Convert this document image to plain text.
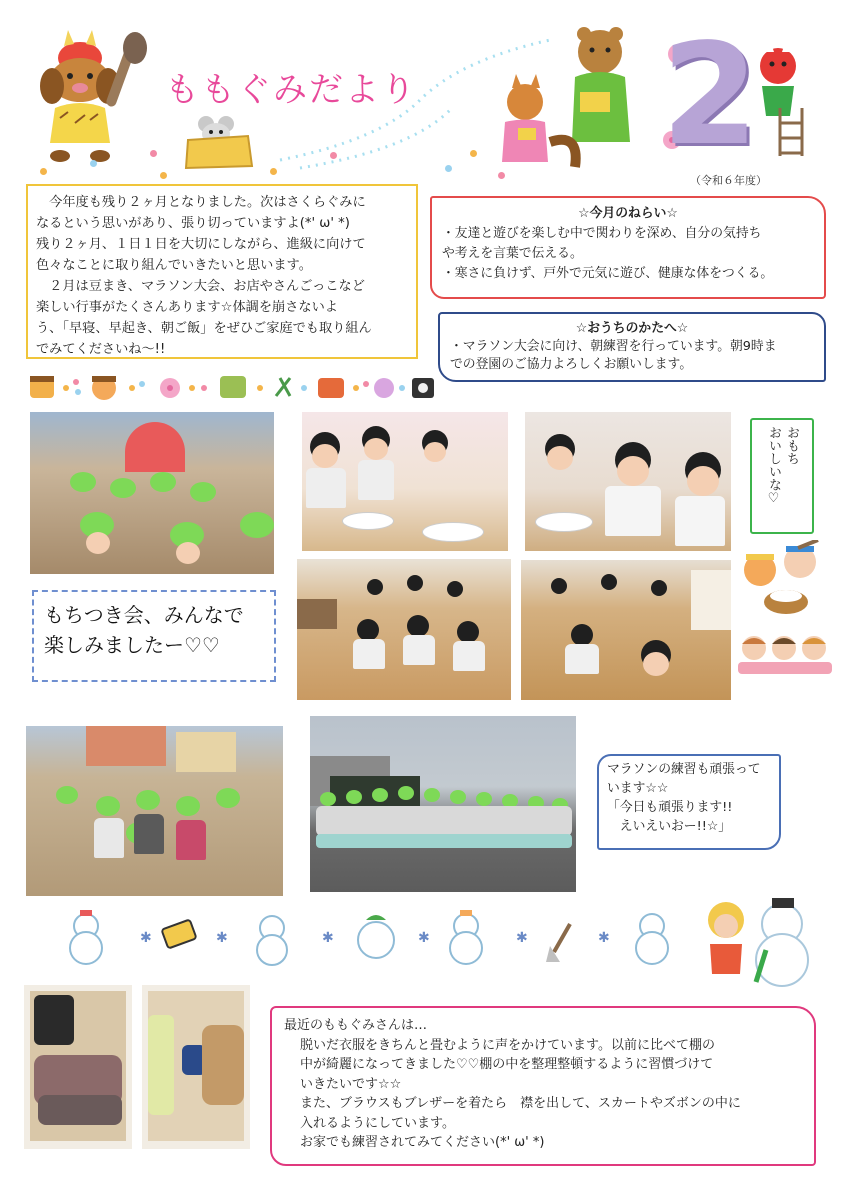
ももぐみだより 2
（令和６年度）

　今年度も残り２ヶ月となりました。次はさくらぐみに

なるという思いがあり、張り切っていますよ(*' ω' *)

残り２ヶ月、１日１日を大切にしながら、進級に向けて

色々なことに取り組んでいきたいと思います。

　２月は豆まき、マラソン大会、お店やさんごっこなど

楽しい行事がたくさんあります☆体調を崩さないよ

う、「早寝、早起き、朝ご飯」をぜひご家庭でも取り組ん

でみてくださいね～!!

☆今月のねらい☆

・友達と遊びを楽しむ中で関わりを深め、自分の気持ち

や考えを言葉で伝える。

・寒さに負けず、戸外で元気に遊び、健康な体をつくる。

☆おうちのかたへ☆

・マラソン大会に向け、朝練習を行っています。朝9時ま

での登園のご協力よろしくお願いします。

おもち
おいしいな♡
もちつき会、みんなで
楽しみましたー♡♡

マラソンの練習も頑張って

います☆☆

「今日も頑張ります!!

　えいえいおー!!☆」

✱	✱	✱	✱	✱	✱

最近のももぐみさんは…

脱いだ衣服をきちんと畳むように声をかけています。以前に比べて棚の

中が綺麗になってきました♡♡棚の中を整理整頓するように習慣づけて

いきたいです☆☆

また、ブラウスもブレザーを着たら　襟を出して、スカートやズボンの中に

入れるようにしています。

お家でも練習されてみてください(*' ω' *)
